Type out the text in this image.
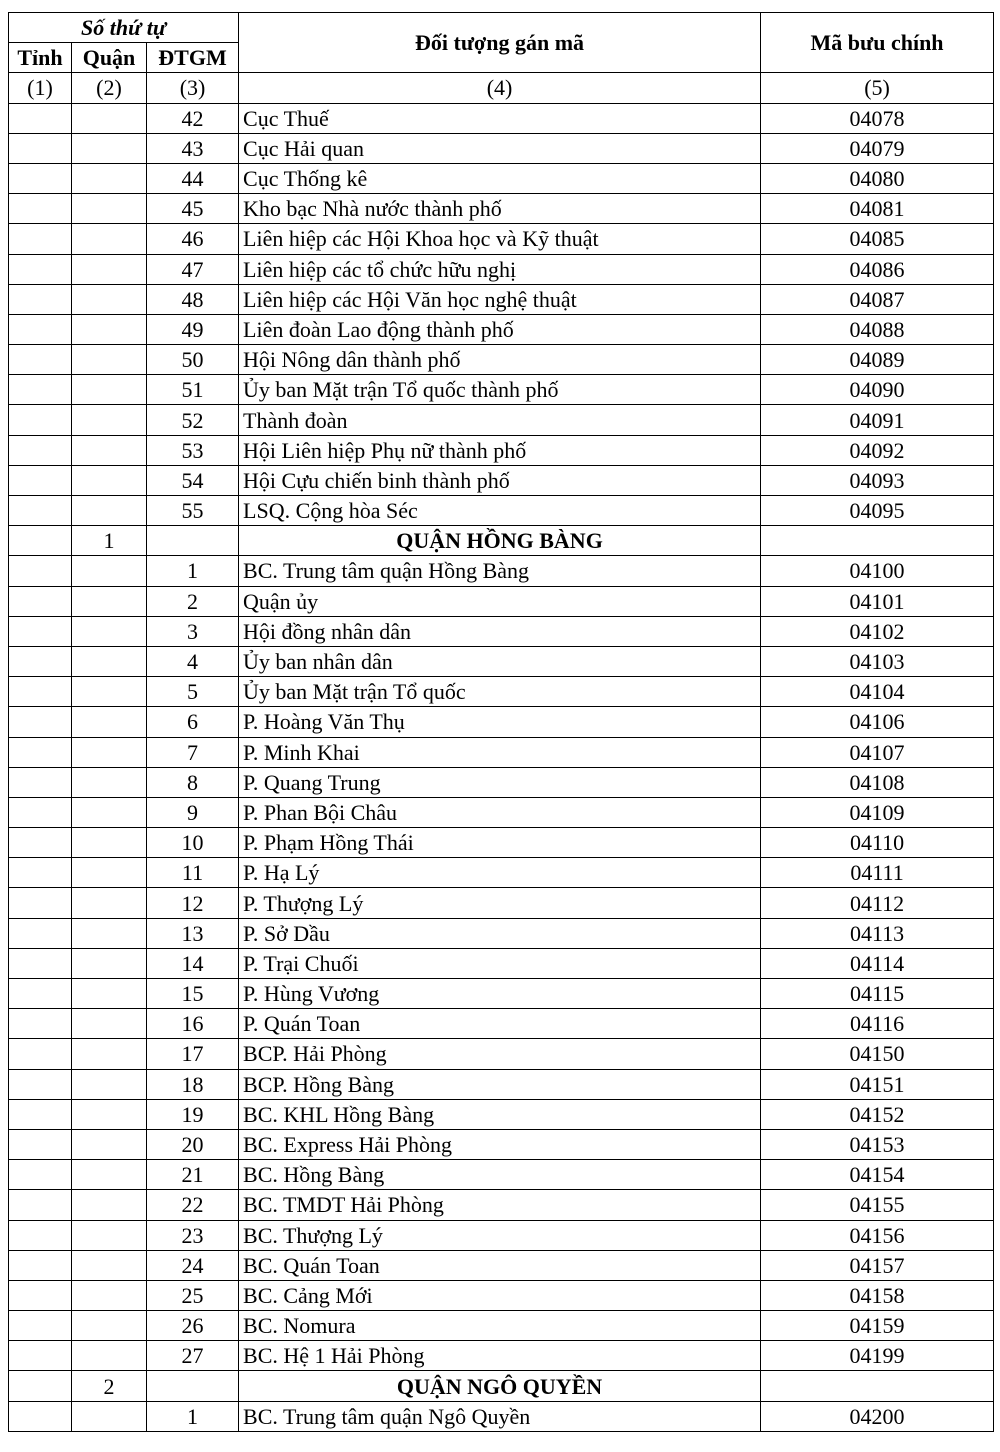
Số thứ tự			Đối tượng gán mã	Mã bưu chính
Tỉnh	Quận	ĐTGM		
(1)	(2)	(3)	(4)	(5)
		42	Cục Thuế	04078
		43	Cục Hải quan	04079
		44	Cục Thống kê	04080
		45	Kho bạc Nhà nước thành phố	04081
		46	Liên hiệp các Hội Khoa học và Kỹ thuật	04085
		47	Liên hiệp các tổ chức hữu nghị	04086
		48	Liên hiệp các Hội Văn học nghệ thuật	04087
		49	Liên đoàn Lao động thành phố	04088
		50	Hội Nông dân thành phố	04089
		51	Ủy ban Mặt trận Tổ quốc thành phố	04090
		52	Thành đoàn	04091
		53	Hội Liên hiệp Phụ nữ thành phố	04092
		54	Hội Cựu chiến binh thành phố	04093
		55	LSQ. Cộng hòa Séc	04095
	1		QUẬN HỒNG BÀNG	
		1	BC. Trung tâm quận Hồng Bàng	04100
		2	Quận ủy	04101
		3	Hội đồng nhân dân	04102
		4	Ủy ban nhân dân	04103
		5	Ủy ban Mặt trận Tổ quốc	04104
		6	P. Hoàng Văn Thụ	04106
		7	P. Minh Khai	04107
		8	P. Quang Trung	04108
		9	P. Phan Bội Châu	04109
		10	P. Phạm Hồng Thái	04110
		11	P. Hạ Lý	04111
		12	P. Thượng Lý	04112
		13	P. Sở Dầu	04113
		14	P. Trại Chuối	04114
		15	P. Hùng Vương	04115
		16	P. Quán Toan	04116
		17	BCP. Hải Phòng	04150
		18	BCP. Hồng Bàng	04151
		19	BC. KHL Hồng Bàng	04152
		20	BC. Express Hải Phòng	04153
		21	BC. Hồng Bàng	04154
		22	BC. TMDT Hải Phòng	04155
		23	BC. Thượng Lý	04156
		24	BC. Quán Toan	04157
		25	BC. Cảng Mới	04158
		26	BC. Nomura	04159
		27	BC. Hệ 1 Hải Phòng	04199
	2		QUẬN NGÔ QUYỀN	
		1	BC. Trung tâm quận Ngô Quyền	04200
